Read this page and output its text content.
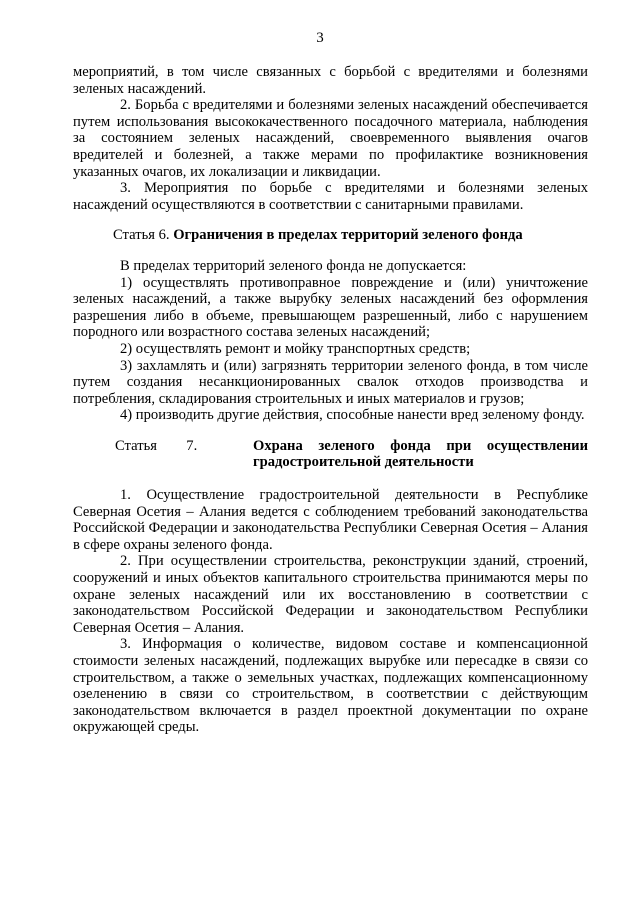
3

мероприятий, в том числе связанных с борьбой с вредителями и болезнями зеленых насаждений.

2. Борьба с вредителями и болезнями зеленых насаждений обеспечивается путем использования высококачественного посадочного материала, наблюдения за состоянием зеленых насаждений, своевременного выявления очагов вредителей и болезней, а также мерами по профилактике возникновения указанных очагов, их локализации и ликвидации.

3. Мероприятия по борьбе с вредителями и болезнями зеленых насаждений осуществляются в соответствии с санитарными правилами.

Статья 6. Ограничения в пределах территорий зеленого фонда

В пределах территорий зеленого фонда не допускается:

1) осуществлять противоправное повреждение и (или) уничтожение зеленых насаждений, а также вырубку зеленых насаждений без оформления разрешения либо в объеме, превышающем разрешенный, либо с нарушением породного или возрастного состава зеленых насаждений;

2) осуществлять ремонт и мойку транспортных средств;

3) захламлять и (или) загрязнять территории зеленого фонда, в том числе путем создания несанкционированных свалок отходов производства и потребления, складирования строительных и иных материалов и грузов;

4) производить другие действия, способные нанести вред зеленому фонду.

Статья 7.	Охрана зеленого фонда при осуществлении
градостроительной деятельности

1. Осуществление градостроительной деятельности в Республике Северная Осетия – Алания ведется с соблюдением требований законодательства Российской Федерации и законодательства Республики Северная Осетия – Алания в сфере охраны зеленого фонда.

2. При осуществлении строительства, реконструкции зданий, строений, сооружений и иных объектов капитального строительства принимаются меры по охране зеленых насаждений или их восстановлению в соответствии с законодательством Российской Федерации и законодательством Республики Северная Осетия – Алания.

3. Информация о количестве, видовом составе и компенсационной стоимости зеленых насаждений, подлежащих вырубке или пересадке в связи со строительством, а также о земельных участках, подлежащих компенсационному озеленению в связи со строительством, в соответствии с действующим законодательством включается в раздел проектной документации по охране окружающей среды.
